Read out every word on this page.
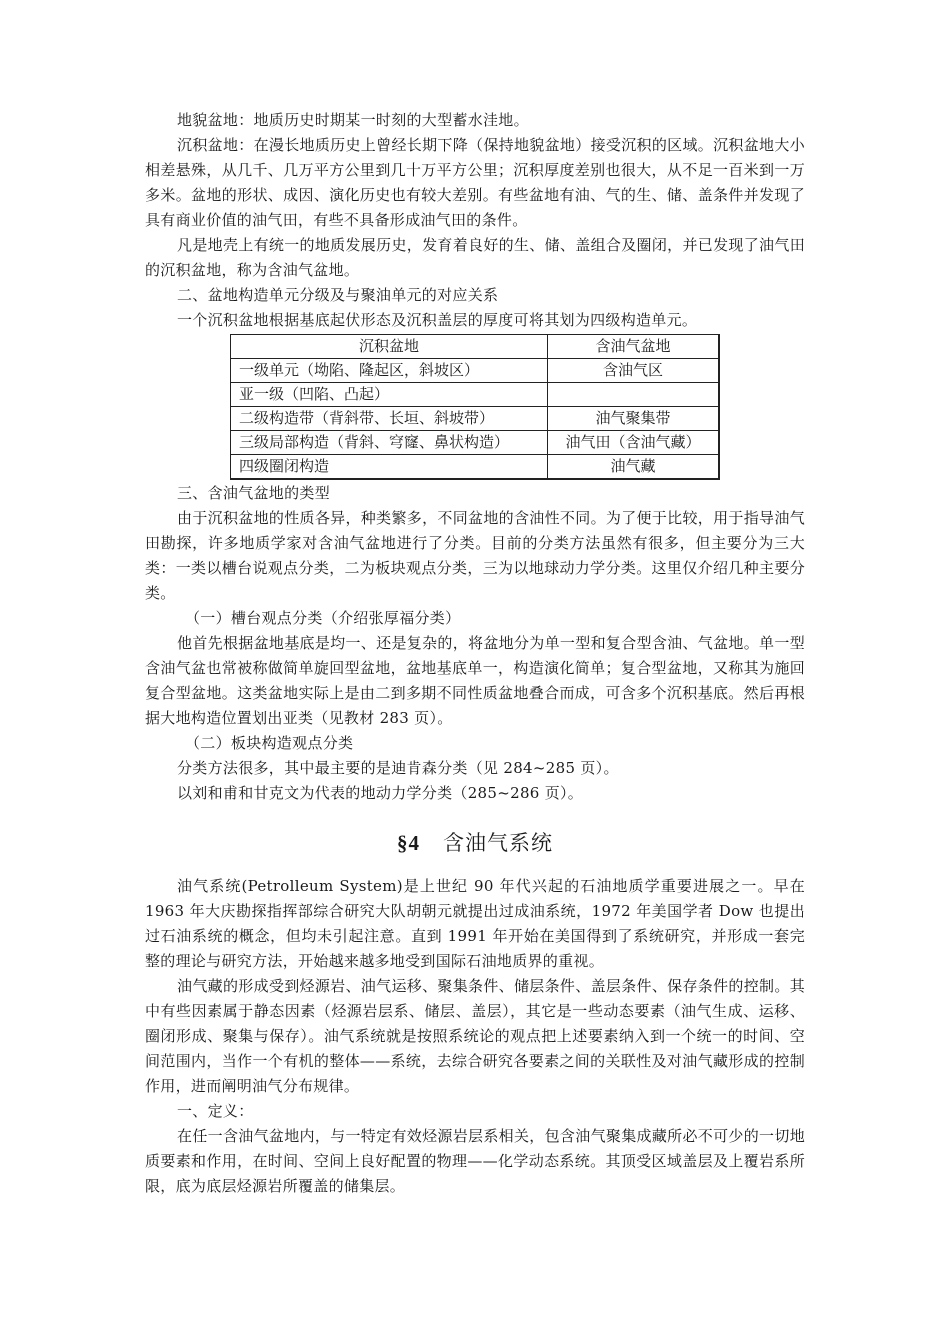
地貌盆地：地质历史时期某一时刻的大型蓄水洼地。

沉积盆地：在漫长地质历史上曾经长期下降（保持地貌盆地）接受沉积的区域。沉积盆地大小相差悬殊，从几千、几万平方公里到几十万平方公里；沉积厚度差别也很大，从不足一百米到一万多米。盆地的形状、成因、演化历史也有较大差别。有些盆地有油、气的生、储、盖条件并发现了具有商业价值的油气田，有些不具备形成油气田的条件。

凡是地壳上有统一的地质发展历史，发育着良好的生、储、盖组合及圈闭，并已发现了油气田的沉积盆地，称为含油气盆地。

二、盆地构造单元分级及与聚油单元的对应关系

一个沉积盆地根据基底起伏形态及沉积盖层的厚度可将其划为四级构造单元。

沉积盆地	含油气盆地
一级单元（坳陷、隆起区，斜坡区）	含油气区
亚一级（凹陷、凸起）	
二级构造带（背斜带、长垣、斜坡带）	油气聚集带
三级局部构造（背斜、穹窿、鼻状构造）	油气田（含油气藏）
四级圈闭构造	油气藏

三、含油气盆地的类型

由于沉积盆地的性质各异，种类繁多，不同盆地的含油性不同。为了便于比较，用于指导油气田勘探，许多地质学家对含油气盆地进行了分类。目前的分类方法虽然有很多，但主要分为三大类：一类以槽台说观点分类，二为板块观点分类，三为以地球动力学分类。这里仅介绍几种主要分类。

（一）槽台观点分类（介绍张厚福分类）

他首先根据盆地基底是均一、还是复杂的，将盆地分为单一型和复合型含油、气盆地。单一型含油气盆也常被称做简单旋回型盆地，盆地基底单一，构造演化简单；复合型盆地，又称其为施回复合型盆地。这类盆地实际上是由二到多期不同性质盆地叠合而成，可含多个沉积基底。然后再根据大地构造位置划出亚类（见教材 283 页）。

（二）板块构造观点分类

分类方法很多，其中最主要的是迪肯森分类（见 284~285 页）。

以刘和甫和甘克文为代表的地动力学分类（285~286 页）。

§4 含油气系统

油气系统(Petrolleum System)是上世纪 90 年代兴起的石油地质学重要进展之一。早在 1963 年大庆勘探指挥部综合研究大队胡朝元就提出过成油系统，1972 年美国学者 Dow 也提出过石油系统的概念，但均未引起注意。直到 1991 年开始在美国得到了系统研究，并形成一套完整的理论与研究方法，开始越来越多地受到国际石油地质界的重视。

油气藏的形成受到烃源岩、油气运移、聚集条件、储层条件、盖层条件、保存条件的控制。其中有些因素属于静态因素（烃源岩层系、储层、盖层），其它是一些动态要素（油气生成、运移、圈闭形成、聚集与保存）。油气系统就是按照系统论的观点把上述要素纳入到一个统一的时间、空间范围内，当作一个有机的整体——系统，去综合研究各要素之间的关联性及对油气藏形成的控制作用，进而阐明油气分布规律。

一、定义：

在任一含油气盆地内，与一特定有效烃源岩层系相关，包含油气聚集成藏所必不可少的一切地质要素和作用，在时间、空间上良好配置的物理——化学动态系统。其顶受区域盖层及上覆岩系所限，底为底层烃源岩所覆盖的储集层。
